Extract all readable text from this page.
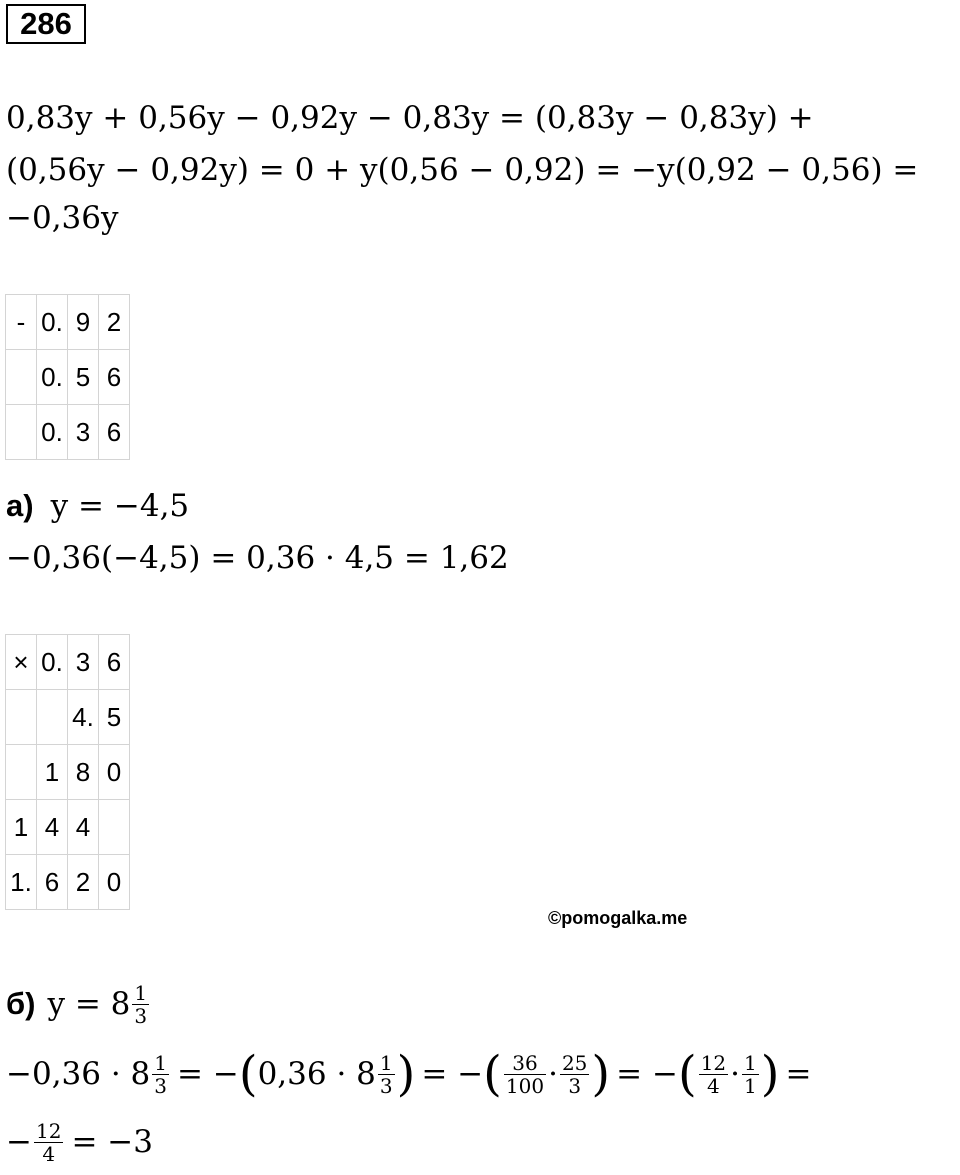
286
0,83y + 0,56y − 0,92y − 0,83y = (0,83y − 0,83y) +
(0,56y − 0,92y) = 0 + y(0,56 − 0,92) = −y(0,92 − 0,56) =
−0,36y
-	0.	9	2
	0.	5	6
	0.	3	6
а) y = −4,5
−0,36(−4,5) = 0,36 · 4,5 = 1,62
×	0.	3	6
		4.	5
	1	8	0
1	4	4	
1.	6	2	0
©pomogalka.me
б) $y = 8 \frac{1}{3}$
$-0,36 \cdot 8 \frac{1}{3}$ = − ( $0,36 \cdot 8 \frac{1}{3}$ ) = − ( $\frac{36}{100} \cdot \frac{25}{3}$ ) = − ( $\frac{12}{4} \cdot \frac{1}{1}$ ) =
− $\frac{12}{4} = -3$
